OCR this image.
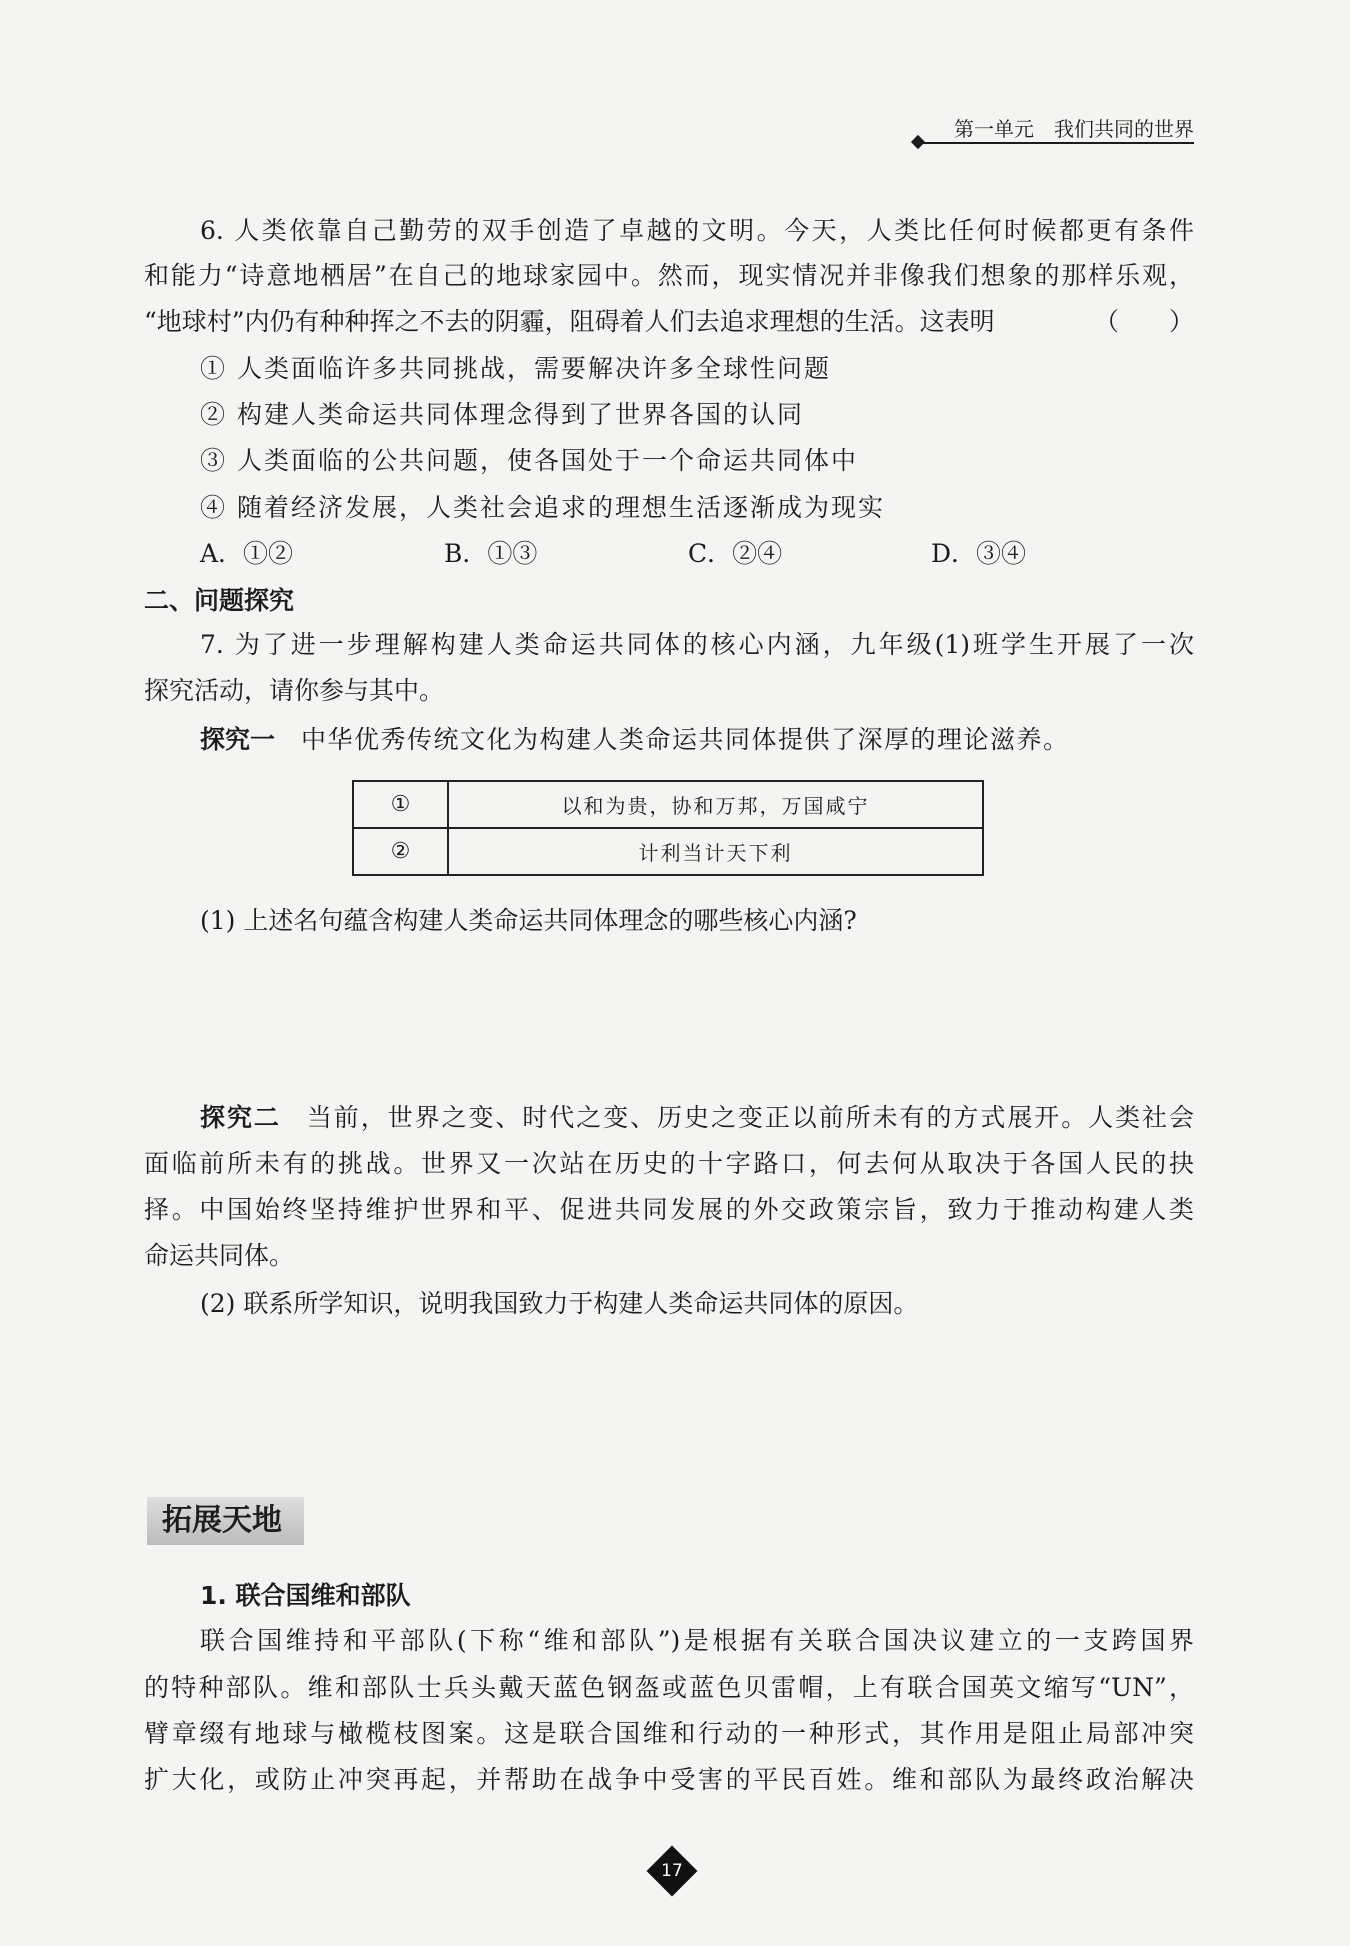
第一单元　我们共同的世界
6. 人类依靠自己勤劳的双手创造了卓越的文明。今天，人类比任何时候都更有条件
和能力“诗意地栖居”在自己的地球家园中。然而，现实情况并非像我们想象的那样乐观，
“地球村”内仍有种种挥之不去的阴霾，阻碍着人们去追求理想的生活。这表明	（　　）
① 人类面临许多共同挑战，需要解决许多全球性问题
② 构建人类命运共同体理念得到了世界各国的认同
③ 人类面临的公共问题，使各国处于一个命运共同体中
④ 随着经济发展，人类社会追求的理想生活逐渐成为现实
A．①②	B．①③	C．②④	D．③④
二、问题探究
7. 为了进一步理解构建人类命运共同体的核心内涵，九年级(1)班学生开展了一次
探究活动，请你参与其中。
探究一 中华优秀传统文化为构建人类命运共同体提供了深厚的理论滋养。
①	以和为贵，协和万邦，万国咸宁
②	计利当计天下利
(1) 上述名句蕴含构建人类命运共同体理念的哪些核心内涵?
探究二 当前，世界之变、时代之变、历史之变正以前所未有的方式展开。人类社会
面临前所未有的挑战。世界又一次站在历史的十字路口，何去何从取决于各国人民的抉
择。中国始终坚持维护世界和平、促进共同发展的外交政策宗旨，致力于推动构建人类
命运共同体。
(2) 联系所学知识，说明我国致力于构建人类命运共同体的原因。
拓展天地
1. 联合国维和部队
联合国维持和平部队(下称“维和部队”)是根据有关联合国决议建立的一支跨国界
的特种部队。维和部队士兵头戴天蓝色钢盔或蓝色贝雷帽，上有联合国英文缩写“UN”，
臂章缀有地球与橄榄枝图案。这是联合国维和行动的一种形式，其作用是阻止局部冲突
扩大化，或防止冲突再起，并帮助在战争中受害的平民百姓。维和部队为最终政治解决
17
